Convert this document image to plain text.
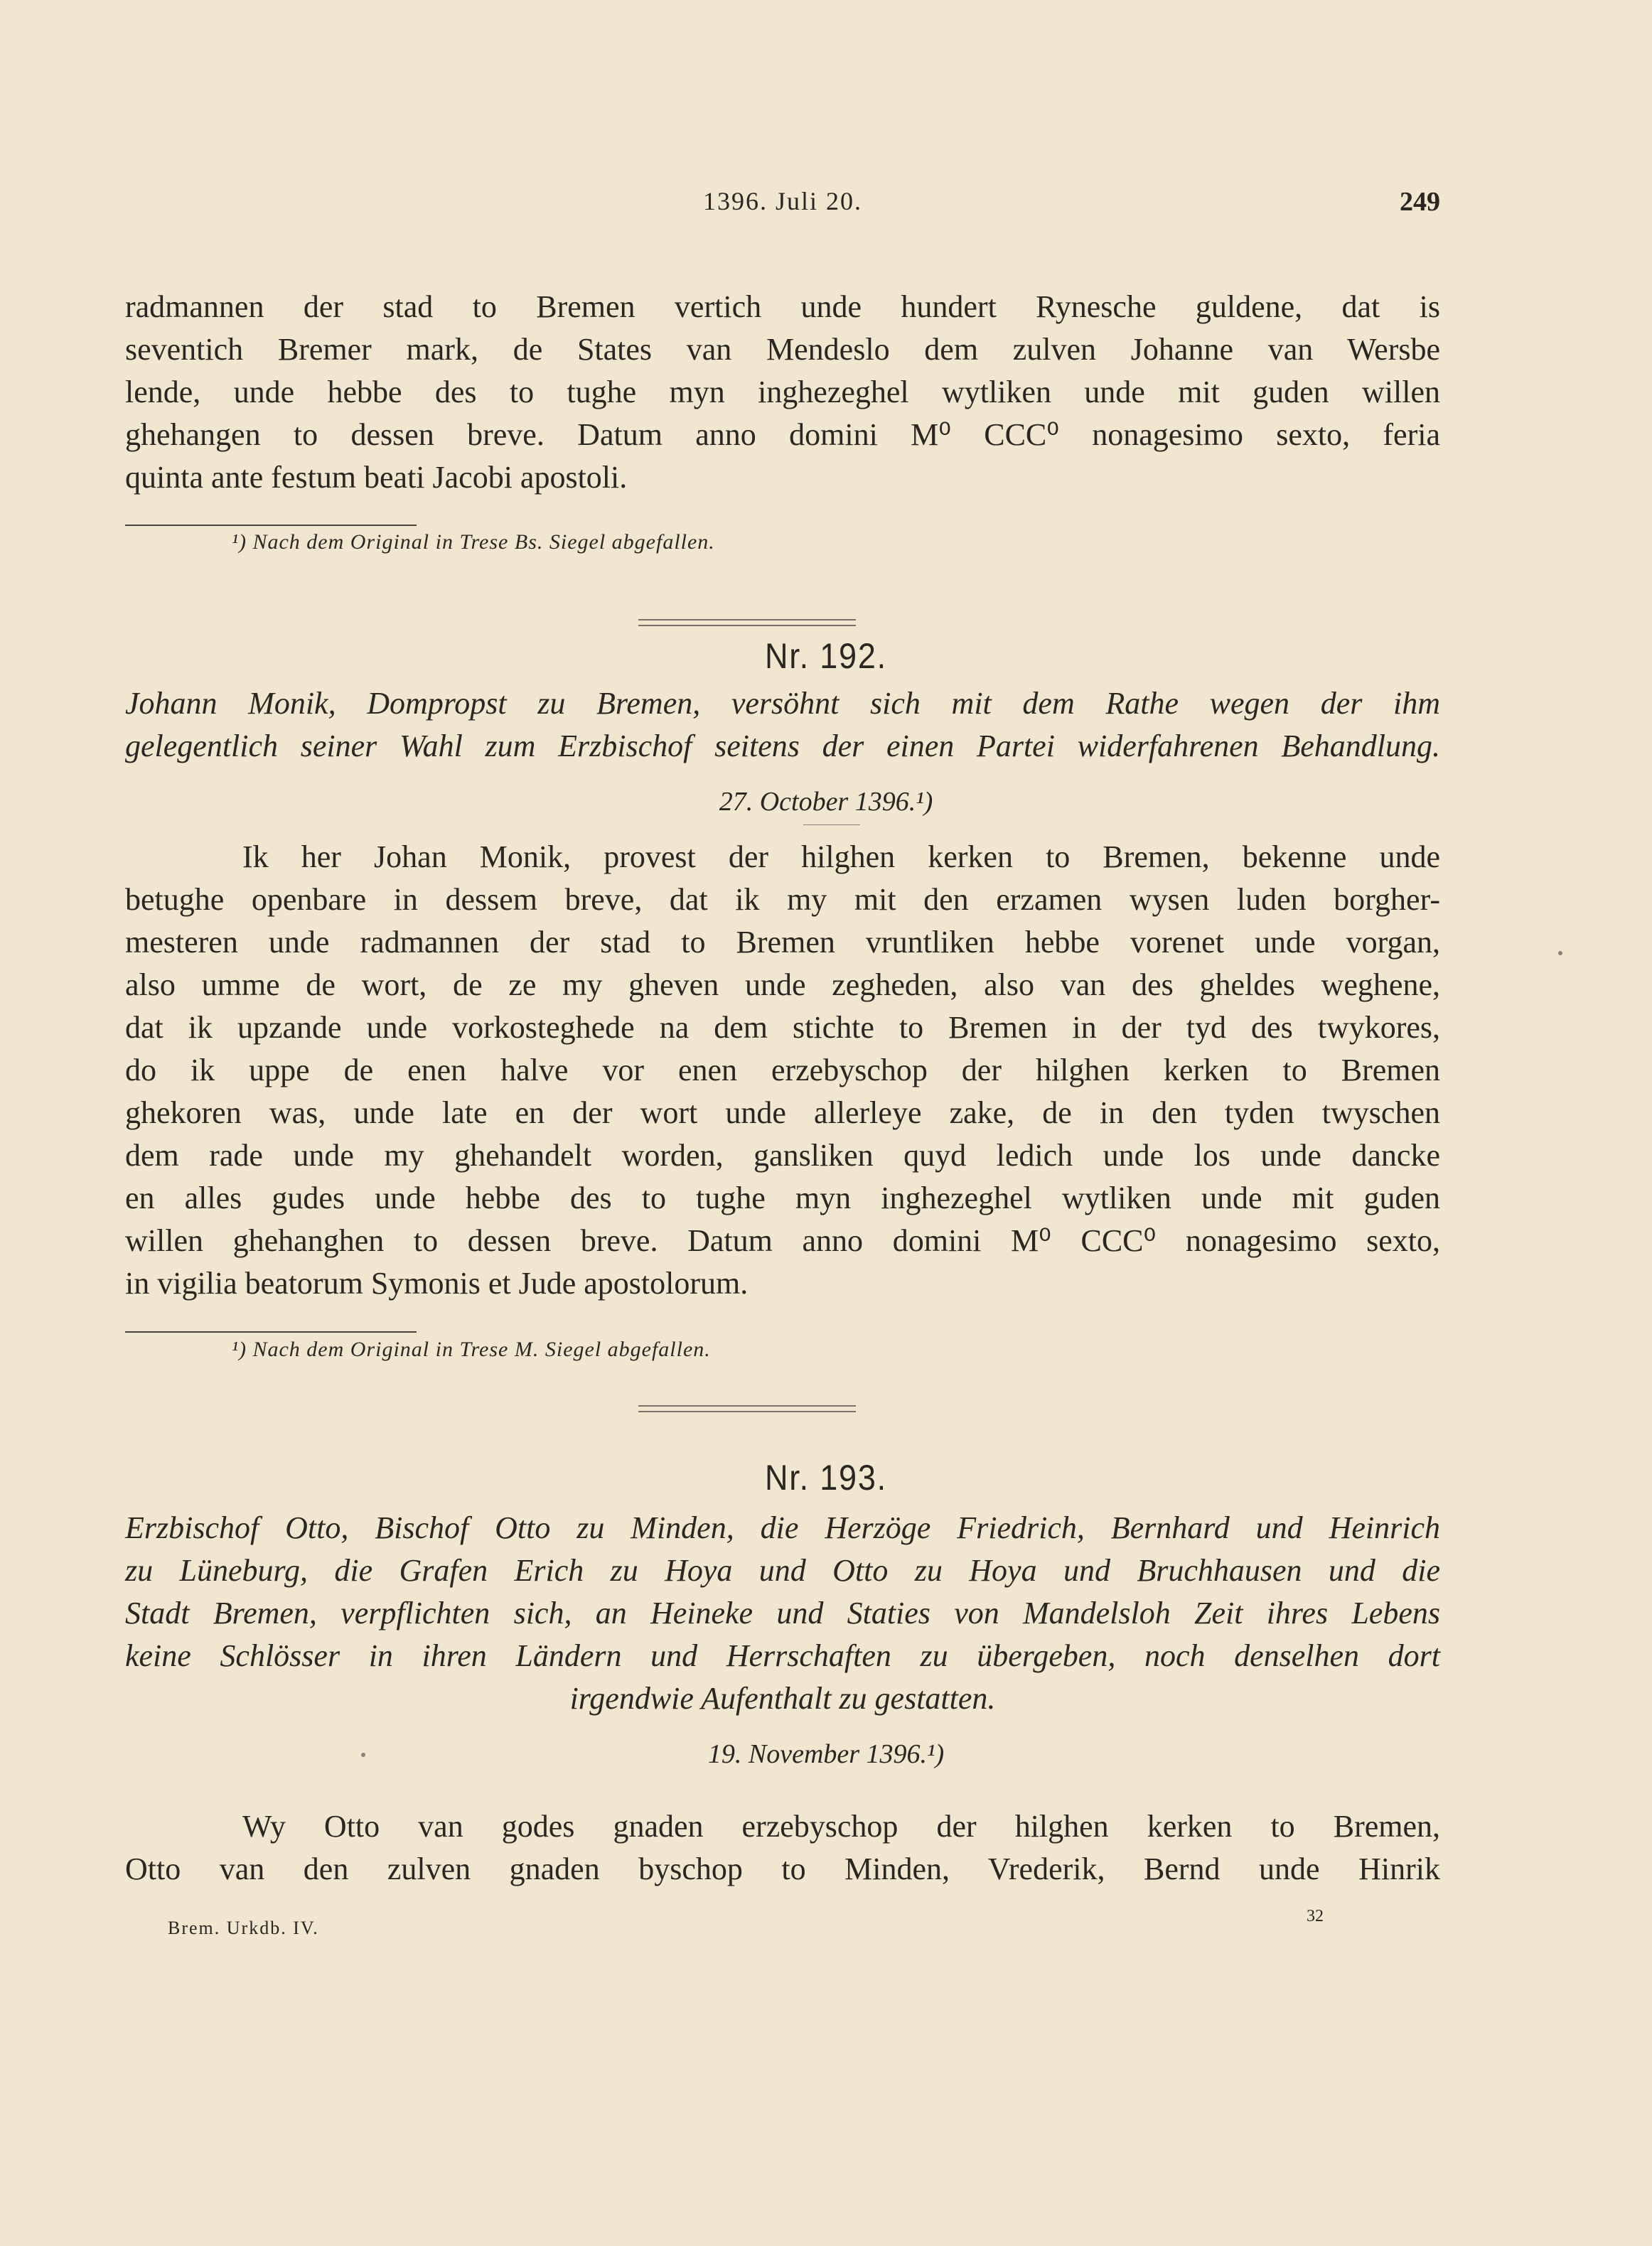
1396. Juli 20.	249
radmannen der stad to Bremen vertich unde hundert Rynesche guldene, dat is
seventich Bremer mark, de States van Mendeslo dem zulven Johanne van Wersbe
lende, unde hebbe des to tughe myn inghezeghel wytliken unde mit guden willen
ghehangen to dessen breve. Datum anno domini M⁰ CCC⁰ nonagesimo sexto, feria
quinta ante festum beati Jacobi apostoli.
¹) Nach dem Original in Trese Bs. Siegel abgefallen.
Nr. 192.
Johann Monik, Dompropst zu Bremen, versöhnt sich mit dem Rathe wegen der ihm
gelegentlich seiner Wahl zum Erzbischof seitens der einen Partei widerfahrenen Behandlung.
27. October 1396.¹)
Ik her Johan Monik, provest der hilghen kerken to Bremen, bekenne unde
betughe openbare in dessem breve, dat ik my mit den erzamen wysen luden borgher-
mesteren unde radmannen der stad to Bremen vruntliken hebbe vorenet unde vorgan,
also umme de wort, de ze my gheven unde zegheden, also van des gheldes weghene,
dat ik upzande unde vorkosteghede na dem stichte to Bremen in der tyd des twykores,
do ik uppe de enen halve vor enen erzebyschop der hilghen kerken to Bremen
ghekoren was, unde late en der wort unde allerleye zake, de in den tyden twyschen
dem rade unde my ghehandelt worden, gansliken quyd ledich unde los unde dancke
en alles gudes unde hebbe des to tughe myn inghezeghel wytliken unde mit guden
willen ghehanghen to dessen breve. Datum anno domini M⁰ CCC⁰ nonagesimo sexto,
in vigilia beatorum Symonis et Jude apostolorum.
¹) Nach dem Original in Trese M. Siegel abgefallen.
Nr. 193.
Erzbischof Otto, Bischof Otto zu Minden, die Herzöge Friedrich, Bernhard und Heinrich
zu Lüneburg, die Grafen Erich zu Hoya und Otto zu Hoya und Bruchhausen und die
Stadt Bremen, verpflichten sich, an Heineke und Staties von Mandelsloh Zeit ihres Lebens
keine Schlösser in ihren Ländern und Herrschaften zu übergeben, noch denselhen dort
irgendwie Aufenthalt zu gestatten.
19. November 1396.¹)
Wy Otto van godes gnaden erzebyschop der hilghen kerken to Bremen,
Otto van den zulven gnaden byschop to Minden, Vrederik, Bernd unde Hinrik
Brem. Urkdb. IV.
32
